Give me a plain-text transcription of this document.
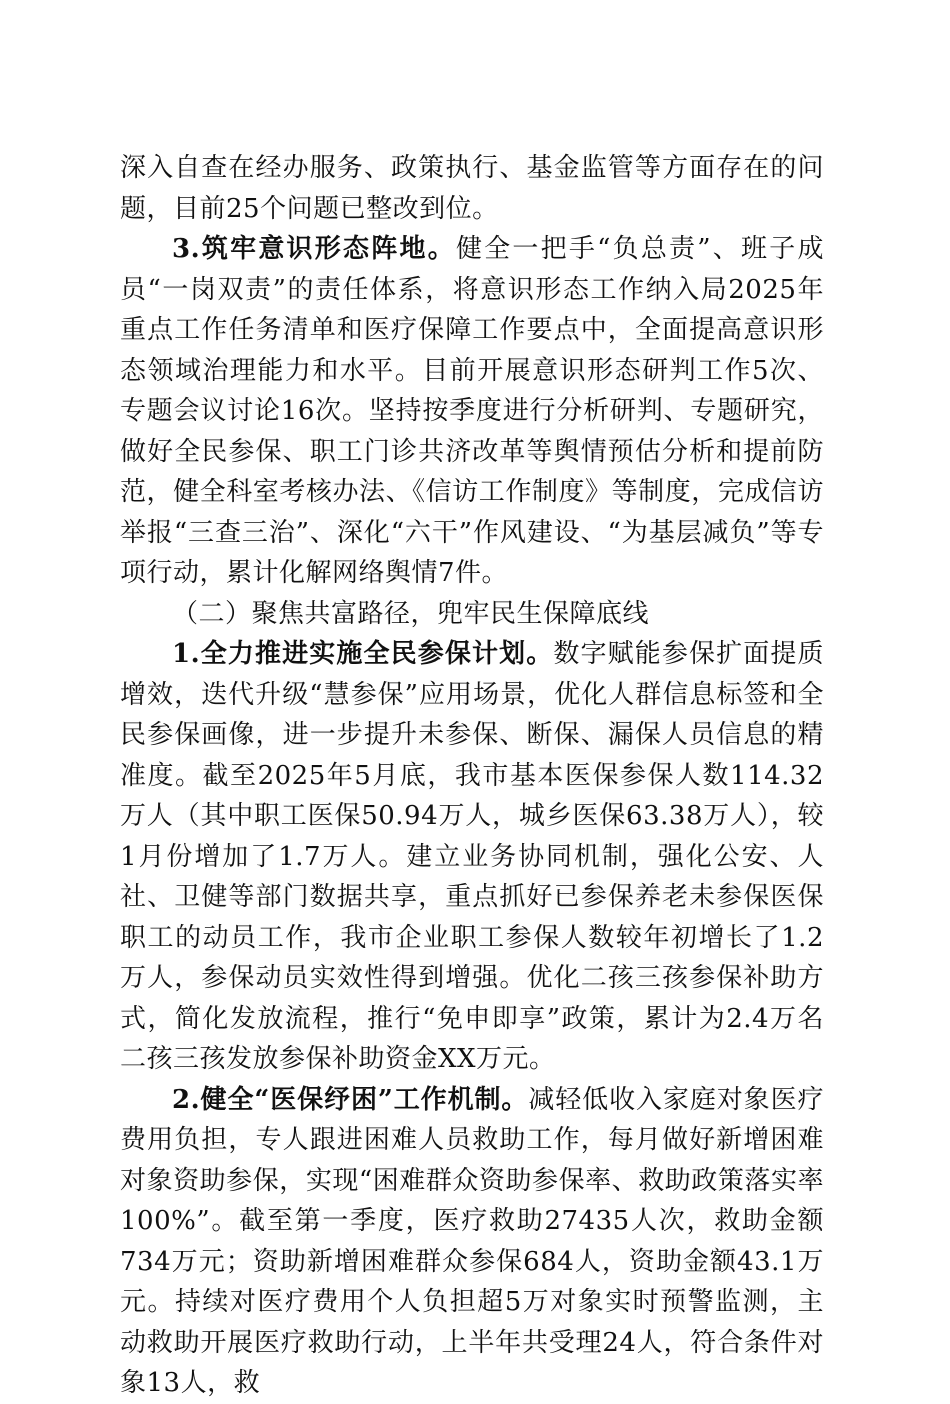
深入自查在经办服务、政策执行、基金监管等方面存在的问题，目前25个问题已整改到位。

3.筑牢意识形态阵地。健全一把手“负总责”、班子成员“一岗双责”的责任体系，将意识形态工作纳入局2025年重点工作任务清单和医疗保障工作要点中，全面提高意识形态领域治理能力和水平。目前开展意识形态研判工作5次、专题会议讨论16次。坚持按季度进行分析研判、专题研究，做好全民参保、职工门诊共济改革等舆情预估分析和提前防范，健全科室考核办法、《信访工作制度》等制度，完成信访举报“三查三治”、深化“六干”作风建设、“为基层减负”等专项行动，累计化解网络舆情7件。

（二）聚焦共富路径，兜牢民生保障底线

1.全力推进实施全民参保计划。数字赋能参保扩面提质增效，迭代升级“慧参保”应用场景，优化人群信息标签和全民参保画像，进一步提升未参保、断保、漏保人员信息的精准度。截至2025年5月底，我市基本医保参保人数114.32万人（其中职工医保50.94万人，城乡医保63.38万人），较1月份增加了1.7万人。建立业务协同机制，强化公安、人社、卫健等部门数据共享，重点抓好已参保养老未参保医保职工的动员工作，我市企业职工参保人数较年初增长了1.2万人，参保动员实效性得到增强。优化二孩三孩参保补助方式，简化发放流程，推行“免申即享”政策，累计为2.4万名二孩三孩发放参保补助资金XX万元。

2.健全“医保纾困”工作机制。减轻低收入家庭对象医疗费用负担，专人跟进困难人员救助工作，每月做好新增困难对象资助参保，实现“困难群众资助参保率、救助政策落实率100%”。截至第一季度，医疗救助27435人次，救助金额734万元；资助新增困难群众参保684人，资助金额43.1万元。持续对医疗费用个人负担超5万对象实时预警监测，主动救助开展医疗救助行动，上半年共受理24人，符合条件对象13人，救
